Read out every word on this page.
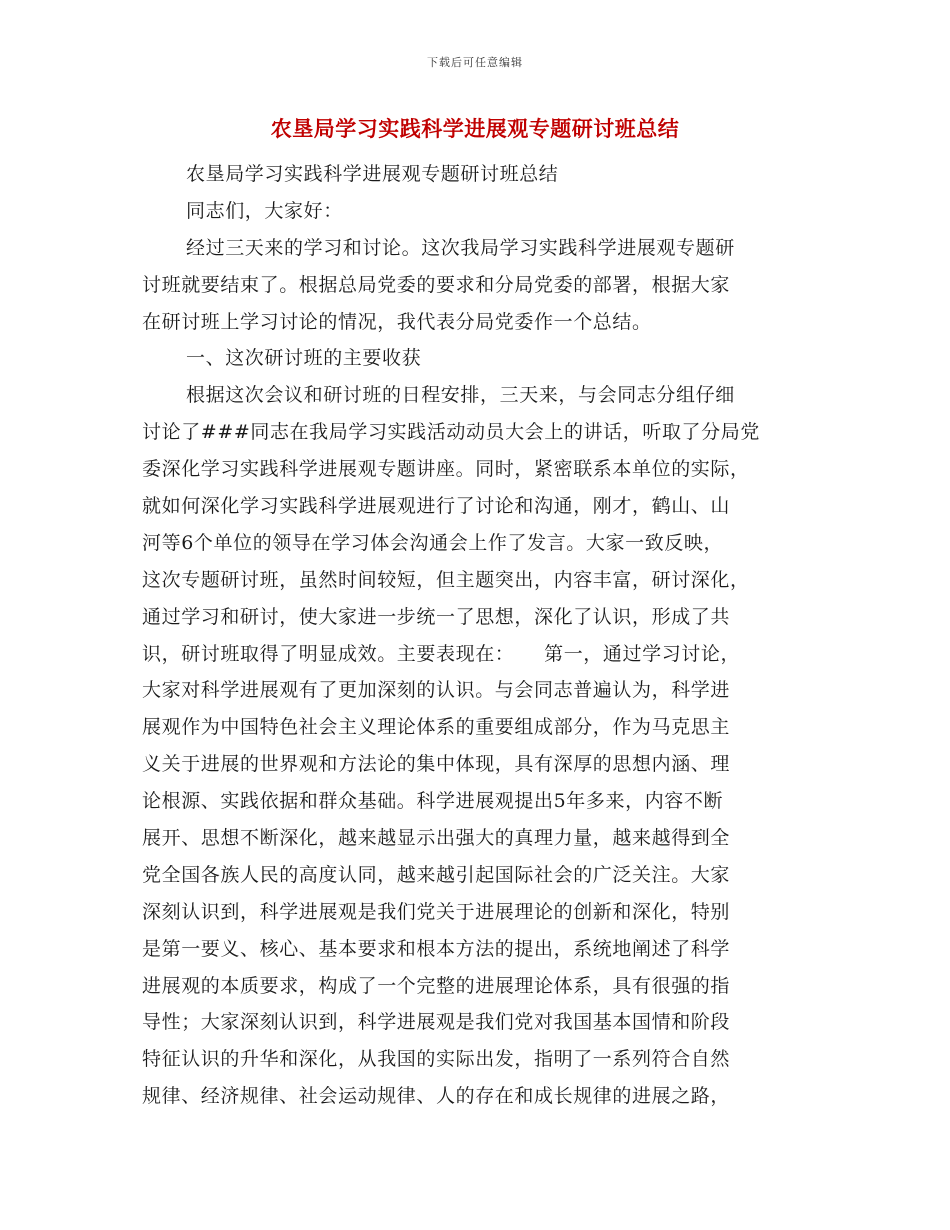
下载后可任意编辑
农垦局学习实践科学进展观专题研讨班总结
农垦局学习实践科学进展观专题研讨班总结
同志们，大家好：
经过三天来的学习和讨论。这次我局学习实践科学进展观专题研
讨班就要结束了。根据总局党委的要求和分局党委的部署，根据大家
在研讨班上学习讨论的情况，我代表分局党委作一个总结。
一、这次研讨班的主要收获
根据这次会议和研讨班的日程安排，三天来，与会同志分组仔细
讨论了###同志在我局学习实践活动动员大会上的讲话，听取了分局党
委深化学习实践科学进展观专题讲座。同时，紧密联系本单位的实际，
就如何深化学习实践科学进展观进行了讨论和沟通，刚才，鹤山、山
河等6个单位的领导在学习体会沟通会上作了发言。大家一致反映，
这次专题研讨班，虽然时间较短，但主题突出，内容丰富，研讨深化，
通过学习和研讨，使大家进一步统一了思想，深化了认识，形成了共
识，研讨班取得了明显成效。主要表现在：　　第一，通过学习讨论，
大家对科学进展观有了更加深刻的认识。与会同志普遍认为，科学进
展观作为中国特色社会主义理论体系的重要组成部分，作为马克思主
义关于进展的世界观和方法论的集中体现，具有深厚的思想内涵、理
论根源、实践依据和群众基础。科学进展观提出5年多来，内容不断
展开、思想不断深化，越来越显示出强大的真理力量，越来越得到全
党全国各族人民的高度认同，越来越引起国际社会的广泛关注。大家
深刻认识到，科学进展观是我们党关于进展理论的创新和深化，特别
是第一要义、核心、基本要求和根本方法的提出，系统地阐述了科学
进展观的本质要求，构成了一个完整的进展理论体系，具有很强的指
导性；大家深刻认识到，科学进展观是我们党对我国基本国情和阶段
特征认识的升华和深化，从我国的实际出发，指明了一系列符合自然
规律、经济规律、社会运动规律、人的存在和成长规律的进展之路，
